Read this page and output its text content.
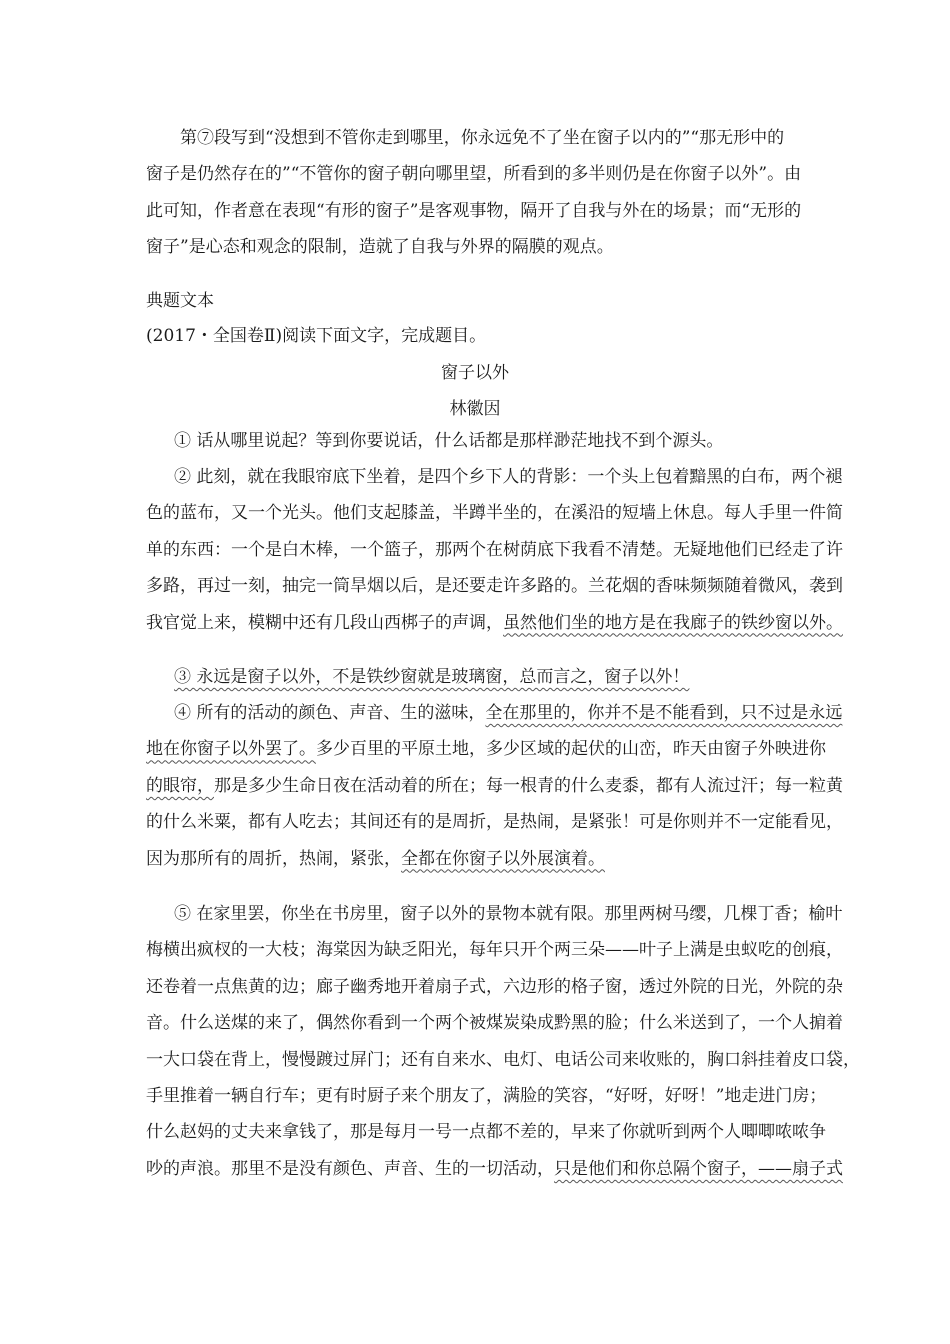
第⑦段写到“没想到不管你走到哪里，你永远免不了坐在窗子以内的”“那无形中的
窗子是仍然存在的”“不管你的窗子朝向哪里望，所看到的多半则仍是在你窗子以外”。由
此可知，作者意在表现“有形的窗子”是客观事物，隔开了自我与外在的场景；而“无形的
窗子”是心态和观念的限制，造就了自我与外界的隔膜的观点。
典题文本
(2017・全国卷Ⅱ)阅读下面文字，完成题目。
窗子以外
林徽因
① 话从哪里说起？等到你要说话，什么话都是那样渺茫地找不到个源头。
② 此刻，就在我眼帘底下坐着，是四个乡下人的背影：一个头上包着黯黑的白布，两个褪
色的蓝布，又一个光头。他们支起膝盖，半蹲半坐的，在溪沿的短墙上休息。每人手里一件简
单的东西：一个是白木棒，一个篮子，那两个在树荫底下我看不清楚。无疑地他们已经走了许
多路，再过一刻，抽完一筒旱烟以后，是还要走许多路的。兰花烟的香味频频随着微风，袭到
我官觉上来，模糊中还有几段山西梆子的声调，虽然他们坐的地方是在我廊子的铁纱窗以外。
③ 永远是窗子以外，不是铁纱窗就是玻璃窗，总而言之，窗子以外！
④ 所有的活动的颜色、声音、生的滋味，全在那里的，你并不是不能看到，只不过是永远
地在你窗子以外罢了。多少百里的平原土地，多少区域的起伏的山峦，昨天由窗子外映进你
的眼帘，那是多少生命日夜在活动着的所在；每一根青的什么麦黍，都有人流过汗；每一粒黄
的什么米粟，都有人吃去；其间还有的是周折，是热闹，是紧张！可是你则并不一定能看见，
因为那所有的周折，热闹，紧张，全都在你窗子以外展演着。
⑤ 在家里罢，你坐在书房里，窗子以外的景物本就有限。那里两树马缨，几棵丁香；榆叶
梅横出疯杈的一大枝；海棠因为缺乏阳光，每年只开个两三朵——叶子上满是虫蚁吃的创痕，
还卷着一点焦黄的边；廊子幽秀地开着扇子式，六边形的格子窗，透过外院的日光，外院的杂
音。什么送煤的来了，偶然你看到一个两个被煤炭染成黔黑的脸；什么米送到了，一个人掮着
一大口袋在背上，慢慢踱过屏门；还有自来水、电灯、电话公司来收账的，胸口斜挂着皮口袋，
手里推着一辆自行车；更有时厨子来个朋友了，满脸的笑容，“好呀，好呀！”地走进门房；
什么赵妈的丈夫来拿钱了，那是每月一号一点都不差的，早来了你就听到两个人唧唧哝哝争
吵的声浪。那里不是没有颜色、声音、生的一切活动，只是他们和你总隔个窗子，——扇子式
